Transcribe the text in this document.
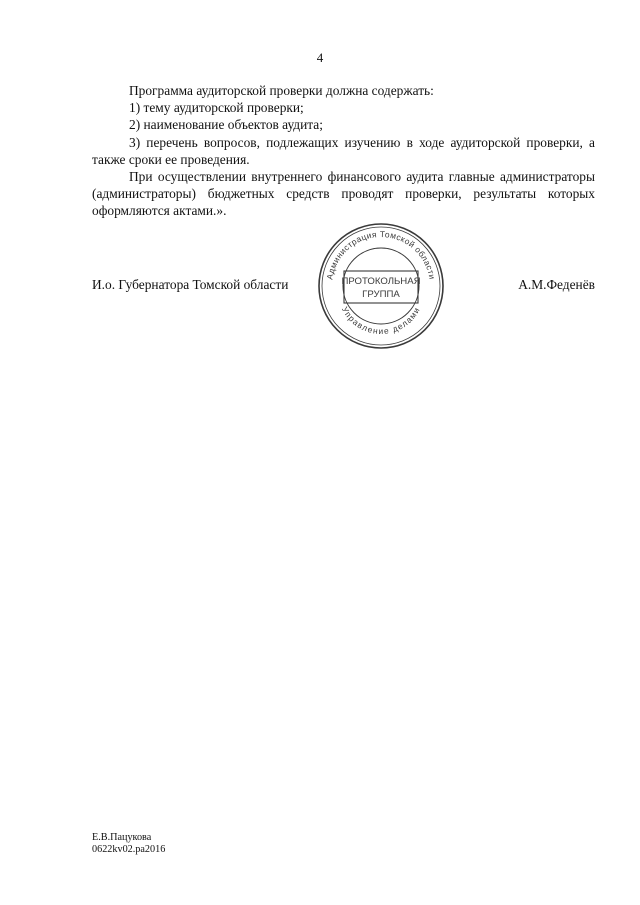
4

Программа аудиторской проверки должна содержать:

1) тему аудиторской проверки;

2) наименование объектов аудита;

3) перечень вопросов, подлежащих изучению в ходе аудиторской проверки, а также сроки ее проведения.

При осуществлении внутреннего финансового аудита главные администраторы (администраторы) бюджетных средств проводят проверки, результаты которых оформляются актами.».

И.о. Губернатора Томской области
Администрация Томской области
Управление делами
ПРОТОКОЛЬНАЯ
ГРУППА
А.М.Феденёв
Е.В.Пацукова
0622kv02.pa2016
